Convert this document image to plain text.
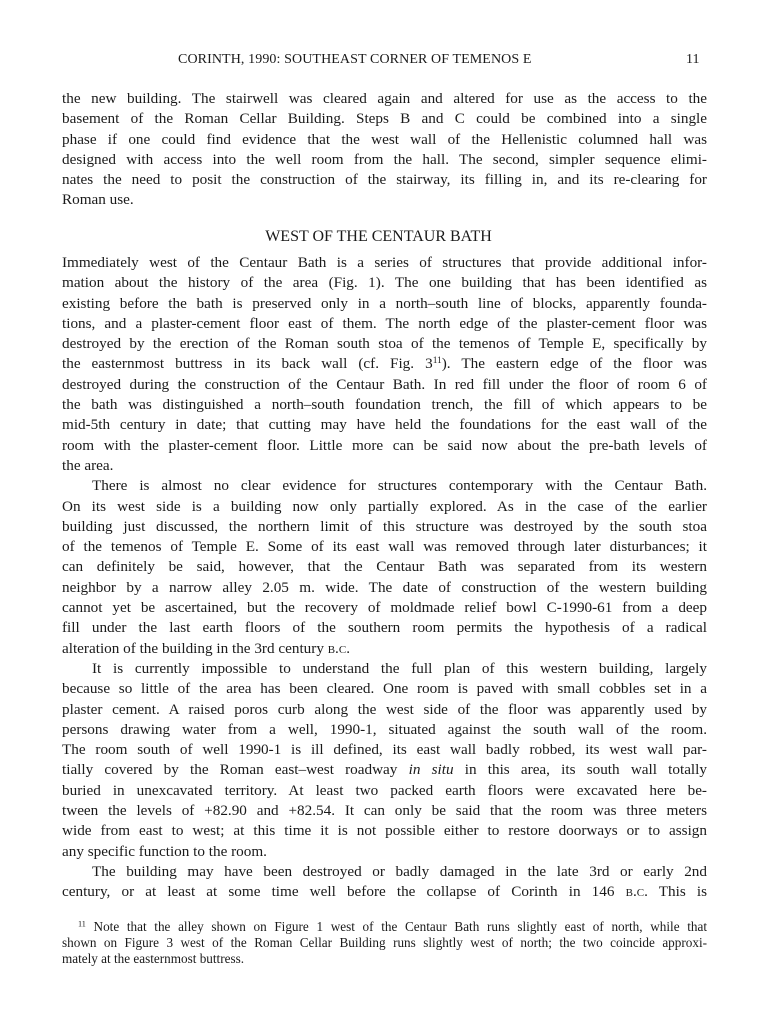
CORINTH, 1990: SOUTHEAST CORNER OF TEMENOS E	11
the new building. The stairwell was cleared again and altered for use as the access to the
basement of the Roman Cellar Building. Steps B and C could be combined into a single
phase if one could find evidence that the west wall of the Hellenistic columned hall was
designed with access into the well room from the hall. The second, simpler sequence elimi-
nates the need to posit the construction of the stairway, its filling in, and its re-clearing for
Roman use.
WEST OF THE CENTAUR BATH
Immediately west of the Centaur Bath is a series of structures that provide additional infor-
mation about the history of the area (Fig. 1). The one building that has been identified as
existing before the bath is preserved only in a north–south line of blocks, apparently founda-
tions, and a plaster-cement floor east of them. The north edge of the plaster-cement floor was
destroyed by the erection of the Roman south stoa of the temenos of Temple E, specifically by
the easternmost buttress in its back wall (cf. Fig. $3^{11}$). The eastern edge of the floor was
destroyed during the construction of the Centaur Bath. In red fill under the floor of room 6 of
the bath was distinguished a north–south foundation trench, the fill of which appears to be
mid-5th century in date; that cutting may have held the foundations for the east wall of the
room with the plaster-cement floor. Little more can be said now about the pre-bath levels of
the area.
There is almost no clear evidence for structures contemporary with the Centaur Bath.
On its west side is a building now only partially explored. As in the case of the earlier
building just discussed, the northern limit of this structure was destroyed by the south stoa
of the temenos of Temple E. Some of its east wall was removed through later disturbances; it
can definitely be said, however, that the Centaur Bath was separated from its western
neighbor by a narrow alley 2.05 m. wide. The date of construction of the western building
cannot yet be ascertained, but the recovery of moldmade relief bowl C-1990-61 from a deep
fill under the last earth floors of the southern room permits the hypothesis of a radical
alteration of the building in the 3rd century b.c.
It is currently impossible to understand the full plan of this western building, largely
because so little of the area has been cleared. One room is paved with small cobbles set in a
plaster cement. A raised poros curb along the west side of the floor was apparently used by
persons drawing water from a well, 1990-1, situated against the south wall of the room.
The room south of well 1990-1 is ill defined, its east wall badly robbed, its west wall par-
tially covered by the Roman east–west roadway in situ in this area, its south wall totally
buried in unexcavated territory. At least two packed earth floors were excavated here be-
tween the levels of +82.90 and +82.54. It can only be said that the room was three meters
wide from east to west; at this time it is not possible either to restore doorways or to assign
any specific function to the room.
The building may have been destroyed or badly damaged in the late 3rd or early 2nd
century, or at least at some time well before the collapse of Corinth in 146 b.c. This is
$^{11}$ Note that the alley shown on Figure 1 west of the Centaur Bath runs slightly east of north, while that
shown on Figure 3 west of the Roman Cellar Building runs slightly west of north; the two coincide approxi-
mately at the easternmost buttress.
